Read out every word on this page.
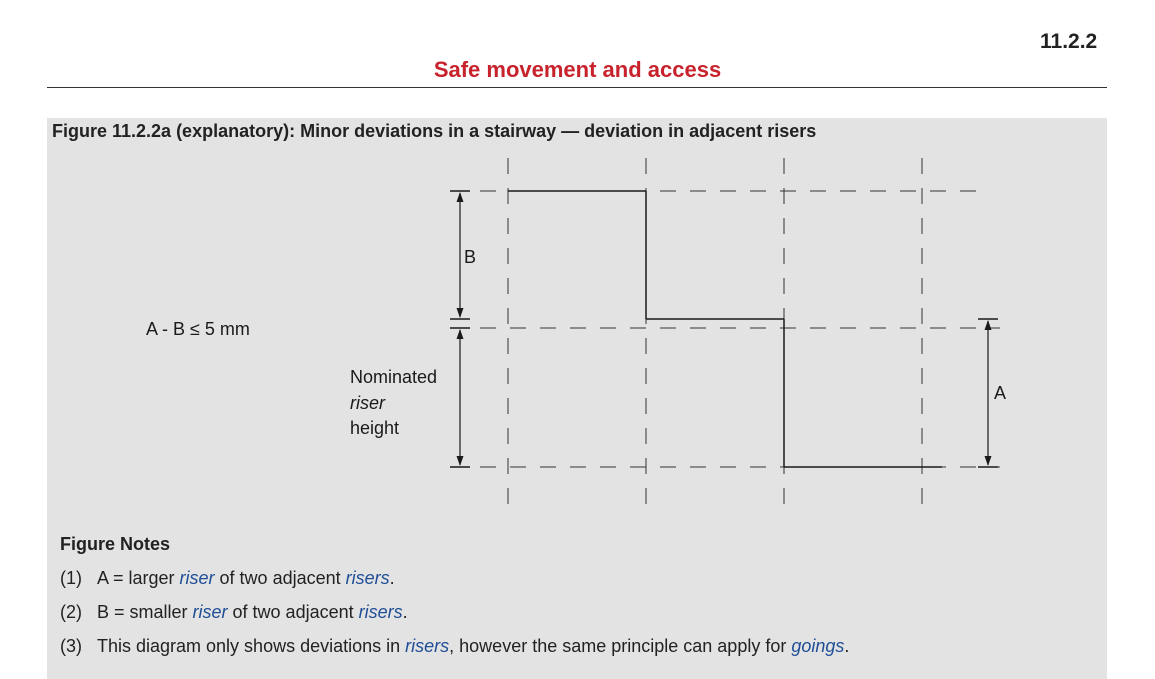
11.2.2
Safe movement and access
Figure 11.2.2a (explanatory): Minor deviations in a stairway — deviation in adjacent risers
B
A
A - B ≤ 5 mm
Nominated
riser
height
Figure Notes
(1) A = larger riser of two adjacent risers.
(2) B = smaller riser of two adjacent risers.
(3) This diagram only shows deviations in risers, however the same principle can apply for goings.
